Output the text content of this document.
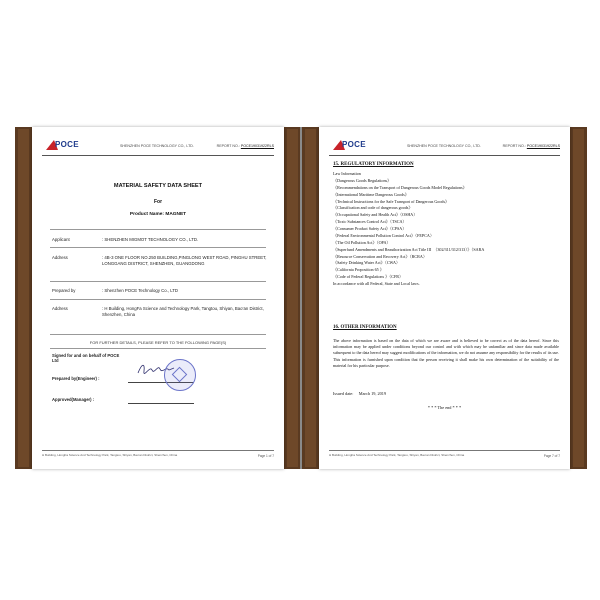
POCE	SHENZHEN POCE TECHNOLOGY CO., LTD.	REPORT NO.: POCE19031922RLS
MATERIAL SAFETY DATA SHEET
For
Product Name: MAGNET
Applicant	: SHENZHEN MIGMOT TECHNOLOGY CO., LTD.
Address	: 4B-3 ONE FLOOR NO.250 BUILDING,PINGLONG WEST ROAD, PINGHU STREET, LONGGANG DISTRICT, SHENZHEN, GUANGDONG
Prepared by	: Shenzhen POCE Technology Co., LTD
Address	: H Building, HongFa Science and Technology Park, Tangtou, Shiyan, Bao’an District, Shenzhen, China
FOR FURTHER DETAILS, PLEASE REFER TO THE FOLLOWING PAGE(S)
Signed for and on behalf of POCE Ltd
Prepared by(Engineer) :
Approved(Manager) :
H Building, HongFa Science And Technology Park, Tangtou, Shiyan, Bao'an District, Shenzhen, China	Page 1 of 7
POCE	SHENZHEN POCE TECHNOLOGY CO., LTD.	REPORT NO.: POCE19031922RLS
15. REGULATORY INFORMATION
Law Information
《Dangerous Goods Regulations》
《Recommendations on the Transport of Dangerous Goods Model Regulations》
《International Maritime Dangerous Goods》
《Technical Instructions for the Safe Transport of Dangerous Goods》
《Classification and code of dangerous goods》
《Occupational Safety and Health Act》（OSHA）
《Toxic Substances Control Act》（TSCA）
《Consumer Product Safety Act》（CPSA）
《Federal Environmental Pollution Control Act》（FEPCA）
《The Oil Pollution Act》（OPA）
《Superfund Amendments and Reauthorization Act Title III　（302/311/312/313）》（SARA
《Resource Conservation and Recovery Act》（RCRA）
《Safety Drinking Water Act》（CWA）
《California Proposition 65 》
《Code of Federal Regulations 》（CFR）
In accordance with all Federal, State and Local laws.
16. OTHER INFORMATION
The above information is based on the data of which we are aware and is believed to be correct as of the data hereof. Since this information may be applied under conditions beyond our control and with which may be unfamiliar and since data made available subsequent to the data hereof may suggest modifications of the information, we do not assume any responsibility for the results of its use. This information is furnished upon condition that the person receiving it shall make his own determination of the suitability of the material for his particular purpose.
Issued date: March 19, 2019
* * * The end * * *
H Building, HongFa Science And Technology Park, Tangtou, Shiyan, Bao'an District, Shenzhen, China	Page 7 of 7
